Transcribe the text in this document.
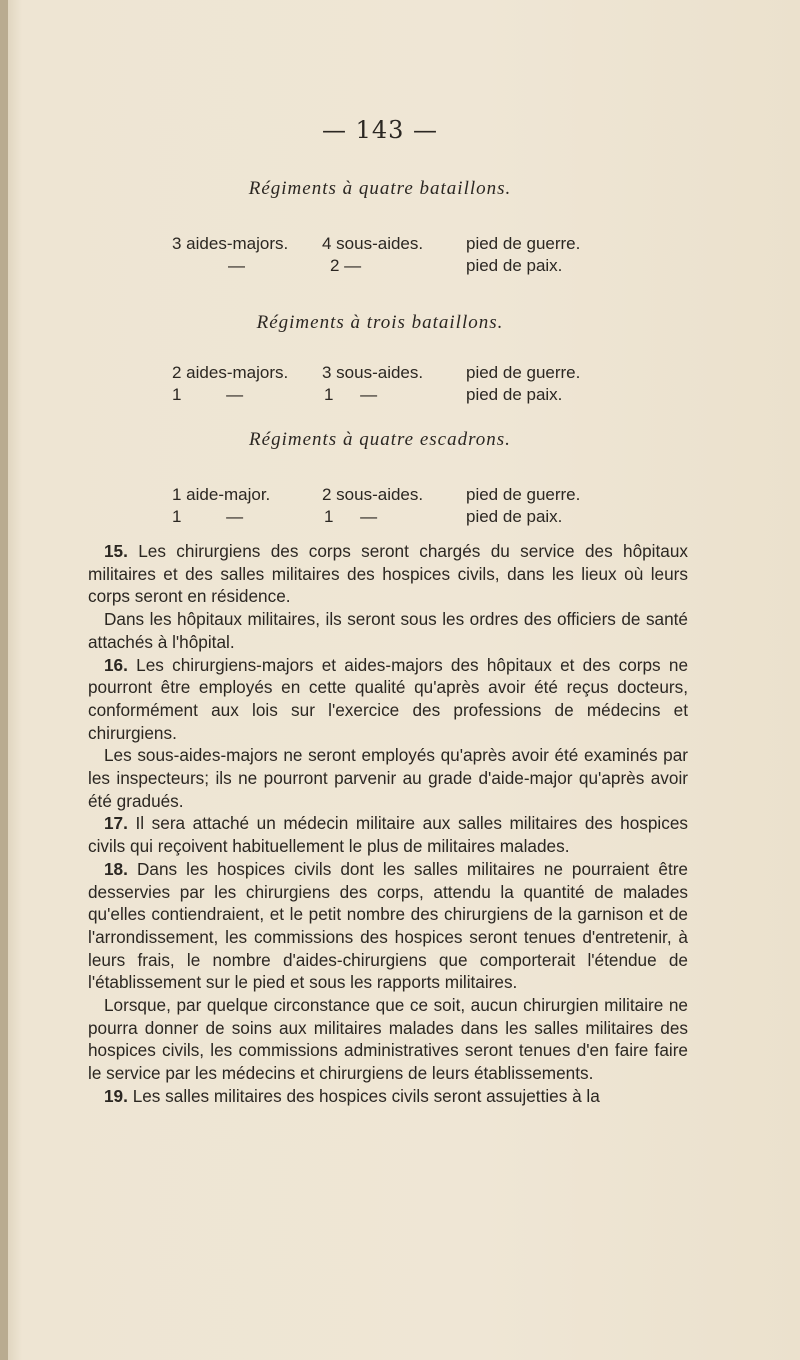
— 143 —
Régiments à quatre bataillons.
3 aides-majors. 4 sous-aides.	pied de guerre.
—	2 —	pied de paix.
Régiments à trois bataillons.
2 aides-majors. 3 sous-aides.	pied de guerre.
1 —	1 —	pied de paix.
Régiments à quatre escadrons.
1 aide-major.	2 sous-aides.	pied de guerre.
1 —	1 —	pied de paix.

15. Les chirurgiens des corps seront chargés du service des hôpitaux militaires et des salles militaires des hospices civils, dans les lieux où leurs corps seront en résidence.

Dans les hôpitaux militaires, ils seront sous les ordres des officiers de santé attachés à l'hôpital.

16. Les chirurgiens-majors et aides-majors des hôpitaux et des corps ne pourront être employés en cette qualité qu'après avoir été reçus docteurs, conformément aux lois sur l'exercice des professions de médecins et chirurgiens.

Les sous-aides-majors ne seront employés qu'après avoir été examinés par les inspecteurs; ils ne pourront parvenir au grade d'aide-major qu'après avoir été gradués.

17. Il sera attaché un médecin militaire aux salles militaires des hospices civils qui reçoivent habituellement le plus de militaires malades.

18. Dans les hospices civils dont les salles militaires ne pourraient être desservies par les chirurgiens des corps, attendu la quantité de malades qu'elles contiendraient, et le petit nombre des chirurgiens de la garnison et de l'arrondissement, les commissions des hospices seront tenues d'entretenir, à leurs frais, le nombre d'aides-chirurgiens que comporterait l'étendue de l'établissement sur le pied et sous les rapports militaires.

Lorsque, par quelque circonstance que ce soit, aucun chirurgien militaire ne pourra donner de soins aux militaires malades dans les salles militaires des hospices civils, les commissions administratives seront tenues d'en faire faire le service par les médecins et chirurgiens de leurs établissements.

19. Les salles militaires des hospices civils seront assujetties à la
